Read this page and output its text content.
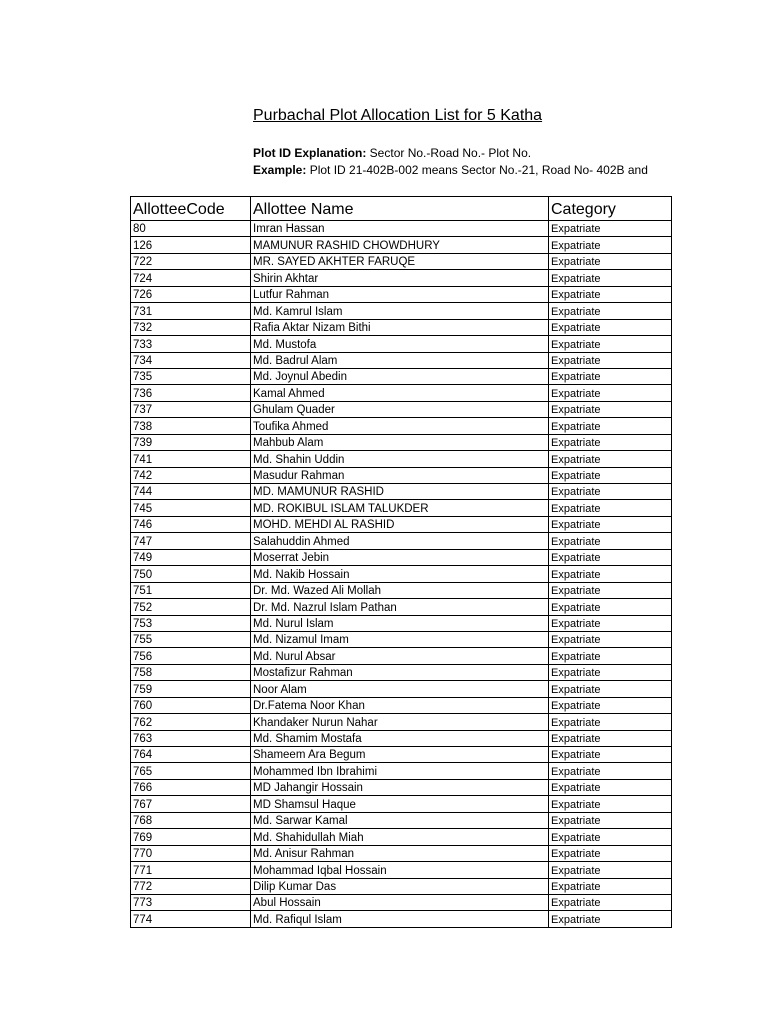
Purbachal Plot Allocation List for 5 Katha
Plot ID Explanation: Sector No.-Road No.- Plot No.
Example: Plot ID 21-402B-002 means Sector No.-21, Road No- 402B and
AllotteeCode	Allottee Name	Category
80	Imran Hassan	Expatriate
126	MAMUNUR RASHID CHOWDHURY	Expatriate
722	MR. SAYED AKHTER FARUQE	Expatriate
724	Shirin Akhtar	Expatriate
726	Lutfur Rahman	Expatriate
731	Md. Kamrul Islam	Expatriate
732	Rafia Aktar Nizam Bithi	Expatriate
733	Md. Mustofa	Expatriate
734	Md. Badrul Alam	Expatriate
735	Md. Joynul Abedin	Expatriate
736	Kamal Ahmed	Expatriate
737	Ghulam Quader	Expatriate
738	Toufika Ahmed	Expatriate
739	Mahbub Alam	Expatriate
741	Md. Shahin Uddin	Expatriate
742	Masudur Rahman	Expatriate
744	MD. MAMUNUR RASHID	Expatriate
745	MD. ROKIBUL ISLAM TALUKDER	Expatriate
746	MOHD. MEHDI AL RASHID	Expatriate
747	Salahuddin Ahmed	Expatriate
749	Moserrat Jebin	Expatriate
750	Md. Nakib Hossain	Expatriate
751	Dr. Md. Wazed Ali Mollah	Expatriate
752	Dr. Md. Nazrul Islam Pathan	Expatriate
753	Md. Nurul Islam	Expatriate
755	Md. Nizamul Imam	Expatriate
756	Md. Nurul Absar	Expatriate
758	Mostafizur Rahman	Expatriate
759	Noor Alam	Expatriate
760	Dr.Fatema Noor Khan	Expatriate
762	Khandaker Nurun Nahar	Expatriate
763	Md. Shamim Mostafa	Expatriate
764	Shameem Ara Begum	Expatriate
765	Mohammed Ibn Ibrahimi	Expatriate
766	MD Jahangir Hossain	Expatriate
767	MD Shamsul Haque	Expatriate
768	Md. Sarwar Kamal	Expatriate
769	Md. Shahidullah Miah	Expatriate
770	Md. Anisur Rahman	Expatriate
771	Mohammad Iqbal Hossain	Expatriate
772	Dilip Kumar Das	Expatriate
773	Abul Hossain	Expatriate
774	Md. Rafiqul Islam	Expatriate
